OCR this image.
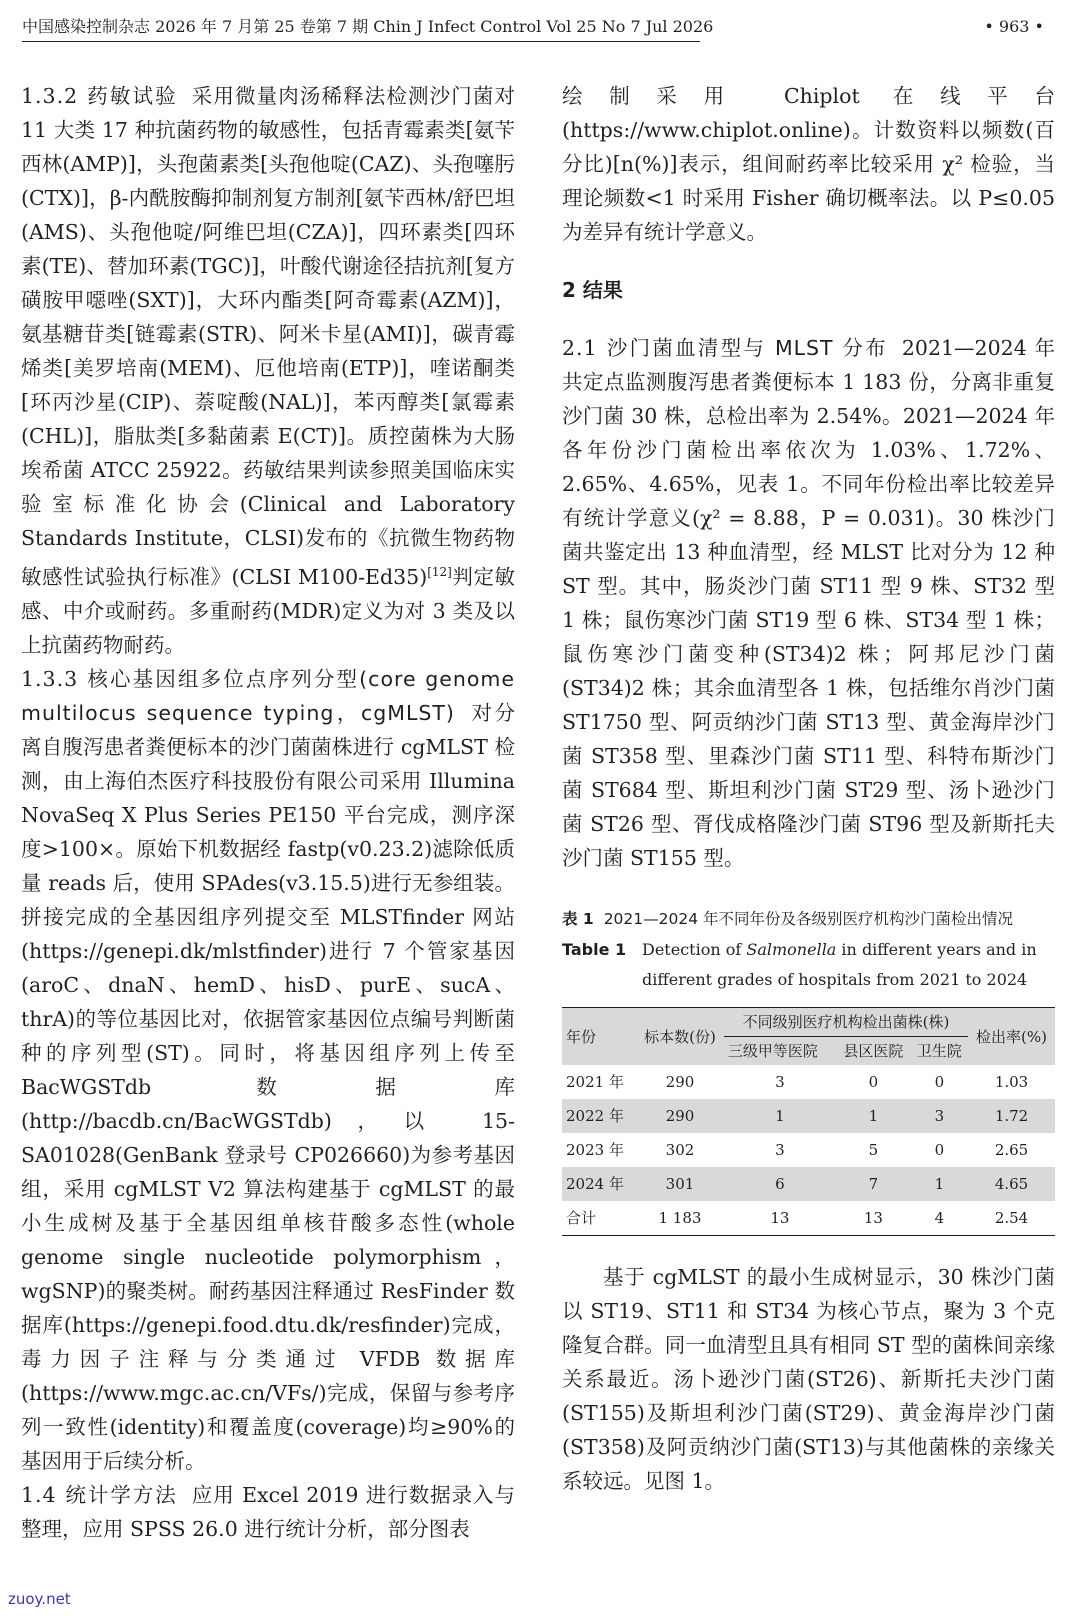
中国感染控制杂志 2026 年 7 月第 25 卷第 7 期 Chin J Infect Control Vol 25 No 7 Jul 2026	• 963 •

1.3.2 药敏试验 采用微量肉汤稀释法检测沙门菌对 11 大类 17 种抗菌药物的敏感性，包括青霉素类[氨苄西林(AMP)]，头孢菌素类[头孢他啶(CAZ)、头孢噻肟(CTX)]，β-内酰胺酶抑制剂复方制剂[氨苄西林/舒巴坦(AMS)、头孢他啶/阿维巴坦(CZA)]，四环素类[四环素(TE)、替加环素(TGC)]，叶酸代谢途径拮抗剂[复方磺胺甲噁唑(SXT)]，大环内酯类[阿奇霉素(AZM)]，氨基糖苷类[链霉素(STR)、阿米卡星(AMI)]，碳青霉烯类[美罗培南(MEM)、厄他培南(ETP)]，喹诺酮类[环丙沙星(CIP)、萘啶酸(NAL)]，苯丙醇类[氯霉素(CHL)]，脂肽类[多黏菌素 E(CT)]。质控菌株为大肠埃希菌 ATCC 25922。药敏结果判读参照美国临床实验室标准化协会(Clinical and Laboratory Standards Institute，CLSI)发布的《抗微生物药物敏感性试验执行标准》(CLSI M100-Ed35)[12]判定敏感、中介或耐药。多重耐药(MDR)定义为对 3 类及以上抗菌药物耐药。

1.3.3 核心基因组多位点序列分型(core genome multilocus sequence typing，cgMLST) 对分离自腹泻患者粪便标本的沙门菌菌株进行 cgMLST 检测，由上海伯杰医疗科技股份有限公司采用 Illumina NovaSeq X Plus Series PE150 平台完成，测序深度>100×。原始下机数据经 fastp(v0.23.2)滤除低质量 reads 后，使用 SPAdes(v3.15.5)进行无参组装。拼接完成的全基因组序列提交至 MLSTfinder 网站(https://genepi.dk/mlstfinder)进行 7 个管家基因(aroC、dnaN、hemD、hisD、purE、sucA、thrA)的等位基因比对，依据管家基因位点编号判断菌种的序列型(ST)。同时，将基因组序列上传至 BacWGSTdb 数据库(http://bacdb.cn/BacWGSTdb)，以 15-SA01028(GenBank 登录号 CP026660)为参考基因组，采用 cgMLST V2 算法构建基于 cgMLST 的最小生成树及基于全基因组单核苷酸多态性(whole genome single nucleotide polymorphism，wgSNP)的聚类树。耐药基因注释通过 ResFinder 数据库(https://genepi.food.dtu.dk/resfinder)完成，毒力因子注释与分类通过 VFDB 数据库(https://www.mgc.ac.cn/VFs/)完成，保留与参考序列一致性(identity)和覆盖度(coverage)均≥90%的基因用于后续分析。

1.4 统计学方法 应用 Excel 2019 进行数据录入与整理，应用 SPSS 26.0 进行统计分析，部分图表

绘制采用 Chiplot 在线平台(https://www.chiplot.online)。计数资料以频数(百分比)[n(%)]表示，组间耐药率比较采用 χ² 检验，当理论频数<1 时采用 Fisher 确切概率法。以 P≤0.05 为差异有统计学意义。

2 结果

2.1 沙门菌血清型与 MLST 分布 2021—2024 年共定点监测腹泻患者粪便标本 1 183 份，分离非重复沙门菌 30 株，总检出率为 2.54%。2021—2024 年各年份沙门菌检出率依次为 1.03%、1.72%、2.65%、4.65%，见表 1。不同年份检出率比较差异有统计学意义(χ² = 8.88，P = 0.031)。30 株沙门菌共鉴定出 13 种血清型，经 MLST 比对分为 12 种 ST 型。其中，肠炎沙门菌 ST11 型 9 株、ST32 型 1 株；鼠伤寒沙门菌 ST19 型 6 株、ST34 型 1 株；鼠伤寒沙门菌变种(ST34)2 株；阿邦尼沙门菌(ST34)2 株；其余血清型各 1 株，包括维尔肖沙门菌 ST1750 型、阿贡纳沙门菌 ST13 型、黄金海岸沙门菌 ST358 型、里森沙门菌 ST11 型、科特布斯沙门菌 ST684 型、斯坦利沙门菌 ST29 型、汤卜逊沙门菌 ST26 型、胥伐成格隆沙门菌 ST96 型及新斯托夫沙门菌 ST155 型。

表 1 2021—2024 年不同年份及各级别医疗机构沙门菌检出情况

Table 1 Detection of Salmonella in different years and in different grades of hospitals from 2021 to 2024

年份	标本数(份)	不同级别医疗机构检出菌株(株)			检出率(%)
		三级甲等医院	县区医院	卫生院	
2021 年	290	3	0	0	1.03
2022 年	290	1	1	3	1.72
2023 年	302	3	5	0	2.65
2024 年	301	6	7	1	4.65
合计	1 183	13	13	4	2.54

基于 cgMLST 的最小生成树显示，30 株沙门菌以 ST19、ST11 和 ST34 为核心节点，聚为 3 个克隆复合群。同一血清型且具有相同 ST 型的菌株间亲缘关系最近。汤卜逊沙门菌(ST26)、新斯托夫沙门菌(ST155)及斯坦利沙门菌(ST29)、黄金海岸沙门菌(ST358)及阿贡纳沙门菌(ST13)与其他菌株的亲缘关系较远。见图 1。

zuoy.net
